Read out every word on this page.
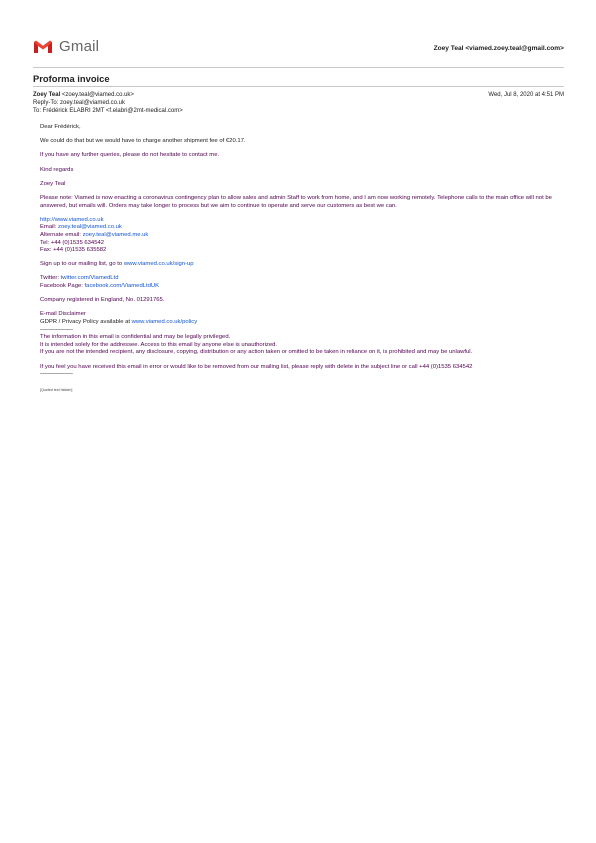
Gmail	Zoey Teal <viamed.zoey.teal@gmail.com>
Proforma invoice
Zoey Teal <zoey.teal@viamed.co.uk>	Wed, Jul 8, 2020 at 4:51 PM
Reply-To: zoey.teal@viamed.co.uk
To: Frédérick ELABRI 2MT <f.elabri@2mt-medical.com>
Dear Frédérick,
We could do that but we would have to charge another shipment fee of €20.17.
If you have any further queries, please do not hesitate to contact me.
Kind regards
Zoey Teal
Please note: Viamed is now enacting a coronavirus contingency plan to allow sales and admin Staff to work from home, and I am now working remotely. Telephone calls to the main office will not be answered, but emails will. Orders may take longer to process but we aim to continue to operate and serve our customers as best we can.
http://www.viamed.co.uk
Email: zoey.teal@viamed.co.uk
Alternate email: zoey.teal@viamed.me.uk
Tel: +44 (0)1535 634542
Fax: +44 (0)1535 635582
Sign up to our mailing list, go to www.viamed.co.uk/sign-up
Twitter: twitter.com/ViamedLtd
Facebook Page: facebook.com/ViamedLtdUK
Company registered in England, No. 01291765.
E-mail Disclaimer
GDPR / Privacy Policy available at www.viamed.co.uk/policy
——————
The information in this email is confidential and may be legally privileged.
It is intended solely for the addressee. Access to this email by anyone else is unauthorized.
If you are not the intended recipient, any disclosure, copying, distribution or any action taken or omitted to be taken in reliance on it, is prohibited and may be unlawful.
If you feel you have received this email in error or would like to be removed from our mailing list, please reply with delete in the subject line or call +44 (0)1535 634542
——————
[Quoted text hidden]
